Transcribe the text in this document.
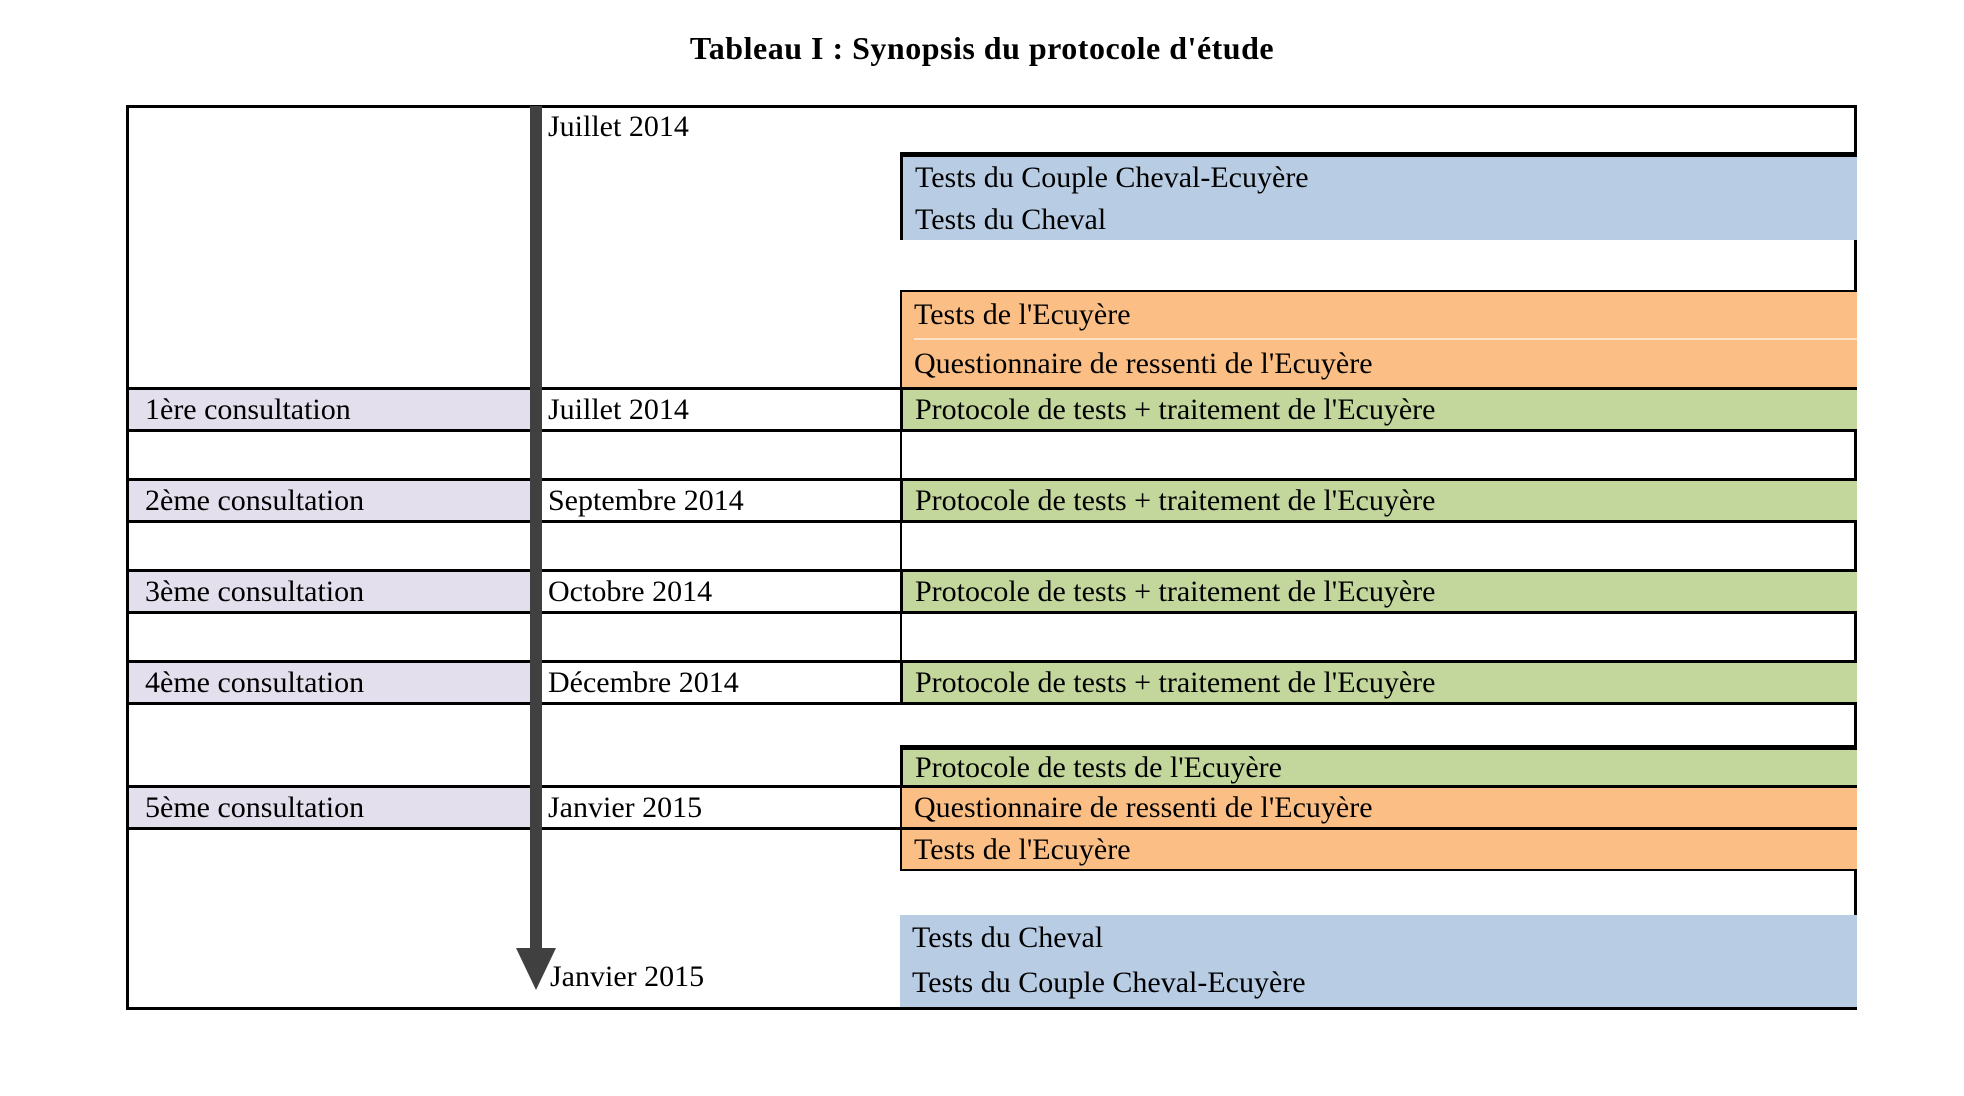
Tableau I : Synopsis du protocole d'étude
Juillet 2014
Tests du Couple Cheval-Ecuyère
Tests du Cheval
Tests de l'Ecuyère
Questionnaire de ressenti de l'Ecuyère
1ère consultation	Juillet 2014	Protocole de tests + traitement de l'Ecuyère
2ème consultation	Septembre 2014	Protocole de tests + traitement de l'Ecuyère
3ème consultation	Octobre 2014	Protocole de tests + traitement de l'Ecuyère
4ème consultation	Décembre 2014	Protocole de tests + traitement de l'Ecuyère
Protocole de tests de l'Ecuyère
5ème consultation	Janvier 2015	Questionnaire de ressenti de l'Ecuyère
Tests de l'Ecuyère
Tests du Cheval
Tests du Couple Cheval-Ecuyère
Janvier 2015
